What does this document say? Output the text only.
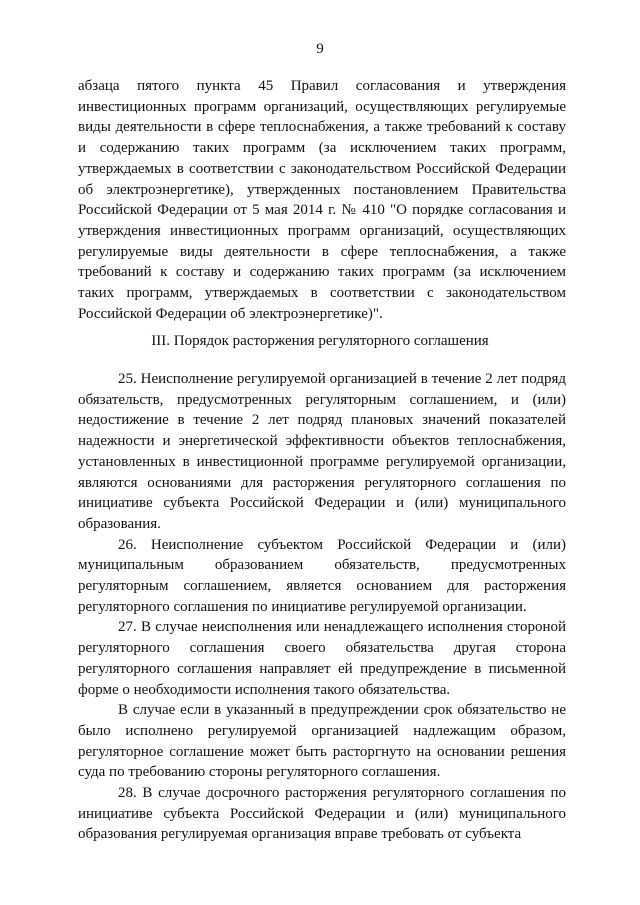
9

абзаца пятого пункта 45 Правил согласования и утверждения инвестиционных программ организаций, осуществляющих регулируемые виды деятельности в сфере теплоснабжения, а также требований к составу и содержанию таких программ (за исключением таких программ, утверждаемых в соответствии с законодательством Российской Федерации об электроэнергетике), утвержденных постановлением Правительства Российской Федерации от 5 мая 2014 г. № 410 "О порядке согласования и утверждения инвестиционных программ организаций, осуществляющих регулируемые виды деятельности в сфере теплоснабжения, а также требований к составу и содержанию таких программ (за исключением таких программ, утверждаемых в соответствии с законодательством Российской Федерации об электроэнергетике)".

III. Порядок расторжения регуляторного соглашения

25. Неисполнение регулируемой организацией в течение 2 лет подряд обязательств, предусмотренных регуляторным соглашением, и (или) недостижение в течение 2 лет подряд плановых значений показателей надежности и энергетической эффективности объектов теплоснабжения, установленных в инвестиционной программе регулируемой организации, являются основаниями для расторжения регуляторного соглашения по инициативе субъекта Российской Федерации и (или) муниципального образования.

26. Неисполнение субъектом Российской Федерации и (или) муниципальным образованием обязательств, предусмотренных регуляторным соглашением, является основанием для расторжения регуляторного соглашения по инициативе регулируемой организации.

27. В случае неисполнения или ненадлежащего исполнения стороной регуляторного соглашения своего обязательства другая сторона регуляторного соглашения направляет ей предупреждение в письменной форме о необходимости исполнения такого обязательства.

В случае если в указанный в предупреждении срок обязательство не было исполнено регулируемой организацией надлежащим образом, регуляторное соглашение может быть расторгнуто на основании решения суда по требованию стороны регуляторного соглашения.

28. В случае досрочного расторжения регуляторного соглашения по инициативе субъекта Российской Федерации и (или) муниципального образования регулируемая организация вправе требовать от субъекта
